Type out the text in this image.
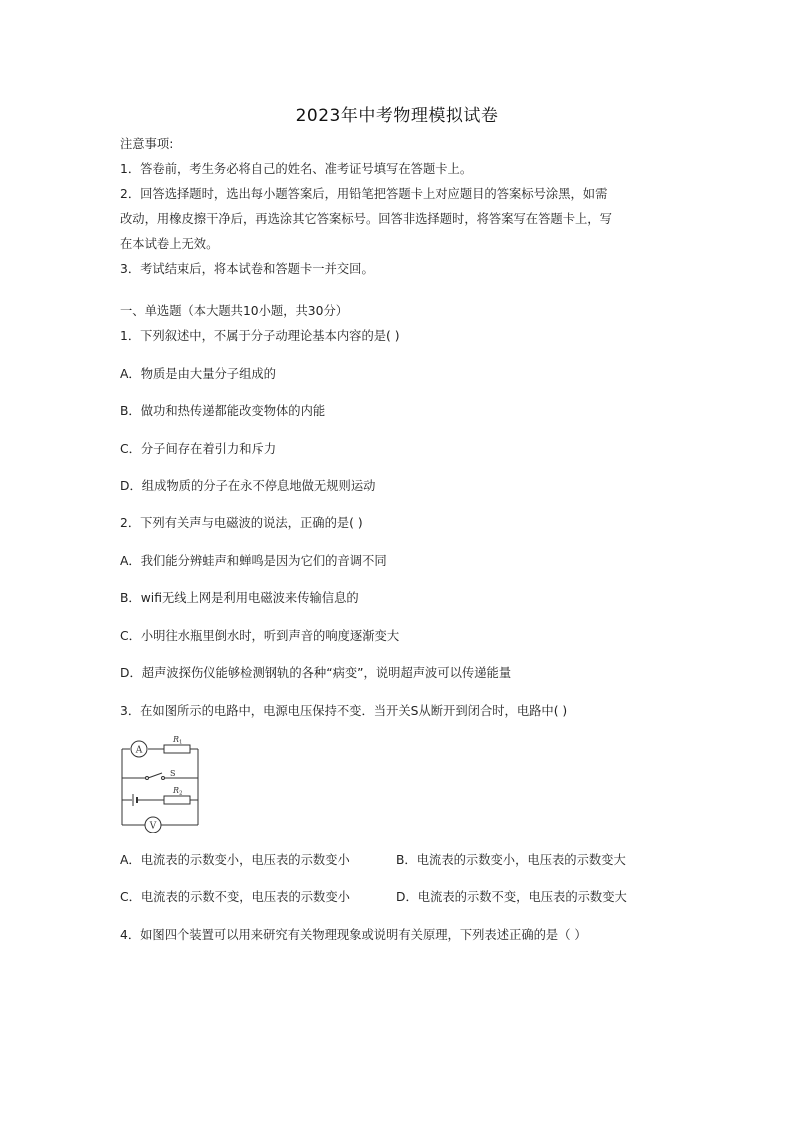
2023年中考物理模拟试卷
注意事项:
1．答卷前，考生务必将自己的姓名、准考证号填写在答题卡上。
2．回答选择题时，选出每小题答案后，用铅笔把答题卡上对应题目的答案标号涂黑，如需
改动，用橡皮擦干净后，再选涂其它答案标号。回答非选择题时，将答案写在答题卡上，写
在本试卷上无效。
3．考试结束后，将本试卷和答题卡一并交回。
一、单选题（本大题共10小题，共30分）
1．下列叙述中，不属于分子动理论基本内容的是( )
A．物质是由大量分子组成的
B．做功和热传递都能改变物体的内能
C．分子间存在着引力和斥力
D．组成物质的分子在永不停息地做无规则运动
2．下列有关声与电磁波的说法，正确的是( )
A．我们能分辨蛙声和蝉鸣是因为它们的音调不同
B．wifi无线上网是利用电磁波来传输信息的
C．小明往水瓶里倒水时，听到声音的响度逐渐变大
D．超声波探伤仪能够检测钢轨的各种“病变”，说明超声波可以传递能量
3．在如图所示的电路中，电源电压保持不变．当开关S从断开到闭合时，电路中( )
A
R 1
S
R 2
V
A．电流表的示数变小，电压表的示数变小	B．电流表的示数变小，电压表的示数变大
C．电流表的示数不变，电压表的示数变小	D．电流表的示数不变，电压表的示数变大
4．如图四个装置可以用来研究有关物理现象或说明有关原理，下列表述正确的是（ ）
